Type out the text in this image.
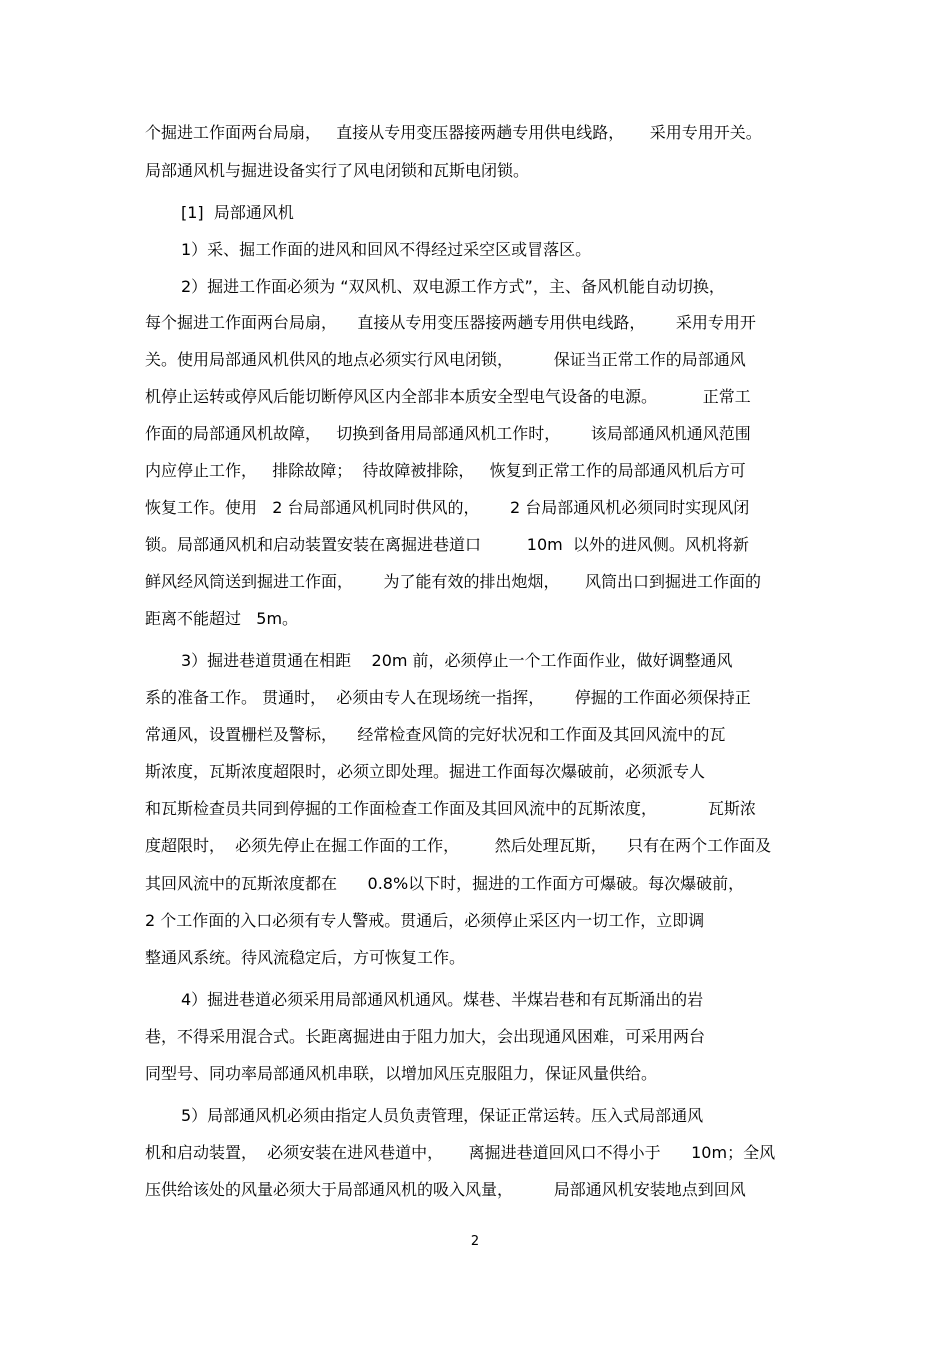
个掘进工作面两台局扇，   直接从专用变压器接两趟专用供电线路，     采用专用开关。
局部通风机与掘进设备实行了风电闭锁和瓦斯电闭锁。
[1]  局部通风机
1）采、掘工作面的进风和回风不得经过采空区或冒落区。
2）掘进工作面必须为 “双风机、双电源工作方式”，主、备风机能自动切换，
每个掘进工作面两台局扇，    直接从专用变压器接两趟专用供电线路，      采用专用开
关。使用局部通风机供风的地点必须实行风电闭锁，        保证当正常工作的局部通风
机停止运转或停风后能切断停风区内全部非本质安全型电气设备的电源。         正常工
作面的局部通风机故障，   切换到备用局部通风机工作时，      该局部通风机通风范围
内应停止工作，   排除故障；  待故障被排除，   恢复到正常工作的局部通风机后方可
恢复工作。使用   2 台局部通风机同时供风的，      2 台局部通风机必须同时实现风闭
锁。局部通风机和启动装置安装在离掘进巷道口         10m  以外的进风侧。风机将新
鲜风经风筒送到掘进工作面，      为了能有效的排出炮烟，     风筒出口到掘进工作面的
距离不能超过   5m。
3）掘进巷道贯通在相距    20m 前，必须停止一个工作面作业，做好调整通风
系的准备工作。 贯通时，  必须由专人在现场统一指挥，      停掘的工作面必须保持正
常通风，设置栅栏及警标，    经常检查风筒的完好状况和工作面及其回风流中的瓦
斯浓度，瓦斯浓度超限时，必须立即处理。掘进工作面每次爆破前，必须派专人
和瓦斯检查员共同到停掘的工作面检查工作面及其回风流中的瓦斯浓度，          瓦斯浓
度超限时，  必须先停止在掘工作面的工作，       然后处理瓦斯，    只有在两个工作面及
其回风流中的瓦斯浓度都在      0.8%以下时，掘进的工作面方可爆破。每次爆破前，
2 个工作面的入口必须有专人警戒。贯通后，必须停止采区内一切工作，立即调
整通风系统。待风流稳定后，方可恢复工作。
4）掘进巷道必须采用局部通风机通风。煤巷、半煤岩巷和有瓦斯涌出的岩
巷，不得采用混合式。长距离掘进由于阻力加大，会出现通风困难，可采用两台
同型号、同功率局部通风机串联，以增加风压克服阻力，保证风量供给。
5）局部通风机必须由指定人员负责管理，保证正常运转。压入式局部通风
机和启动装置，  必须安装在进风巷道中，     离掘进巷道回风口不得小于      10m；全风
压供给该处的风量必须大于局部通风机的吸入风量，        局部通风机安装地点到回风
2
